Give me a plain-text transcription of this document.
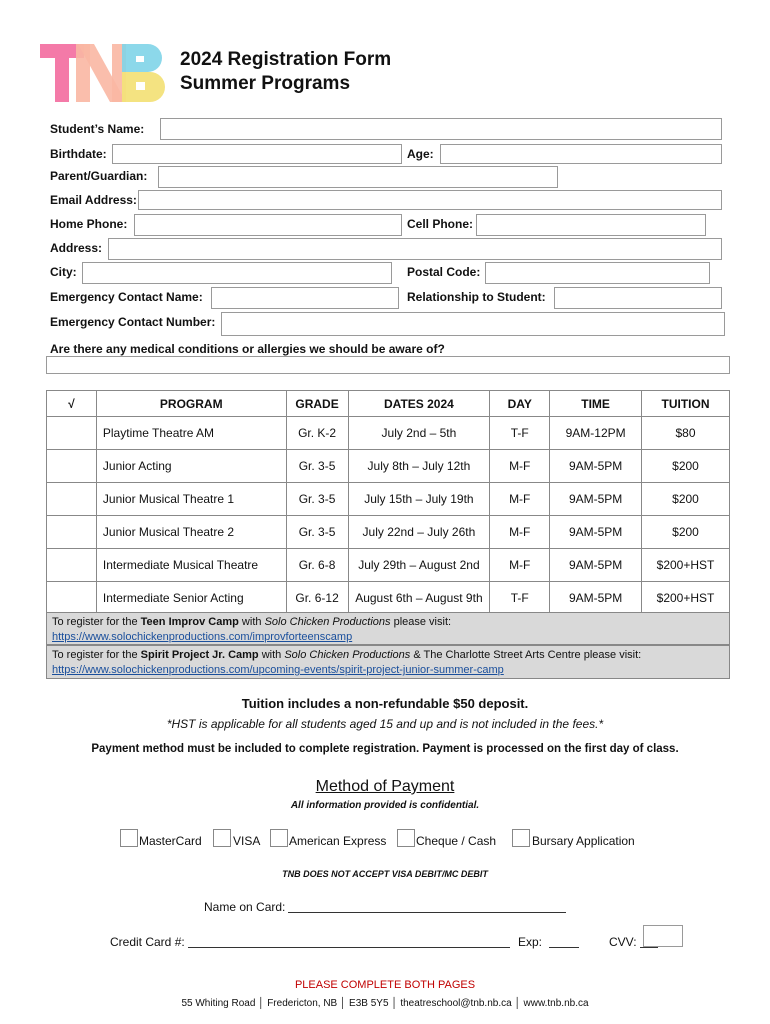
2024 Registration Form
Summer Programs
Student’s Name:
Birthdate:	Age:
Parent/Guardian:
Email Address:
Home Phone:	Cell Phone:
Address:
City:	Postal Code:
Emergency Contact Name:	Relationship to Student:
Emergency Contact Number:
Are there any medical conditions or allergies we should be aware of?
√	PROGRAM	GRADE	DATES 2024	DAY	TIME	TUITION
	Playtime Theatre AM	Gr. K-2	July 2nd – 5th	T-F	9AM-12PM	$80
	Junior Acting	Gr. 3-5	July 8th – July 12th	M-F	9AM-5PM	$200
	Junior Musical Theatre 1	Gr. 3-5	July 15th – July 19th	M-F	9AM-5PM	$200
	Junior Musical Theatre 2	Gr. 3-5	July 22nd – July 26th	M-F	9AM-5PM	$200
	Intermediate Musical Theatre	Gr. 6-8	July 29th – August 2nd	M-F	9AM-5PM	$200+HST
	Intermediate Senior Acting	Gr. 6-12	August 6th – August 9th	T-F	9AM-5PM	$200+HST
To register for the Teen Improv Camp with Solo Chicken Productions please visit:
https://www.solochickenproductions.com/improvforteenscamp
To register for the Spirit Project Jr. Camp with Solo Chicken Productions & The Charlotte Street Arts Centre please visit:
https://www.solochickenproductions.com/upcoming-events/spirit-project-junior-summer-camp
Tuition includes a non-refundable $50 deposit.
*HST is applicable for all students aged 15 and up and is not included in the fees.*
Payment method must be included to complete registration. Payment is processed on the first day of class.
Method of Payment
All information provided is confidential.
MasterCard	VISA American Express Cheque / Cash	Bursary Application
TNB DOES NOT ACCEPT VISA DEBIT/MC DEBIT
Name on Card:
Credit Card #:	Exp:	CVV:
PLEASE COMPLETE BOTH PAGES
55 Whiting Road │ Fredericton, NB │ E3B 5Y5 │ theatreschool@tnb.nb.ca │ www.tnb.nb.ca
